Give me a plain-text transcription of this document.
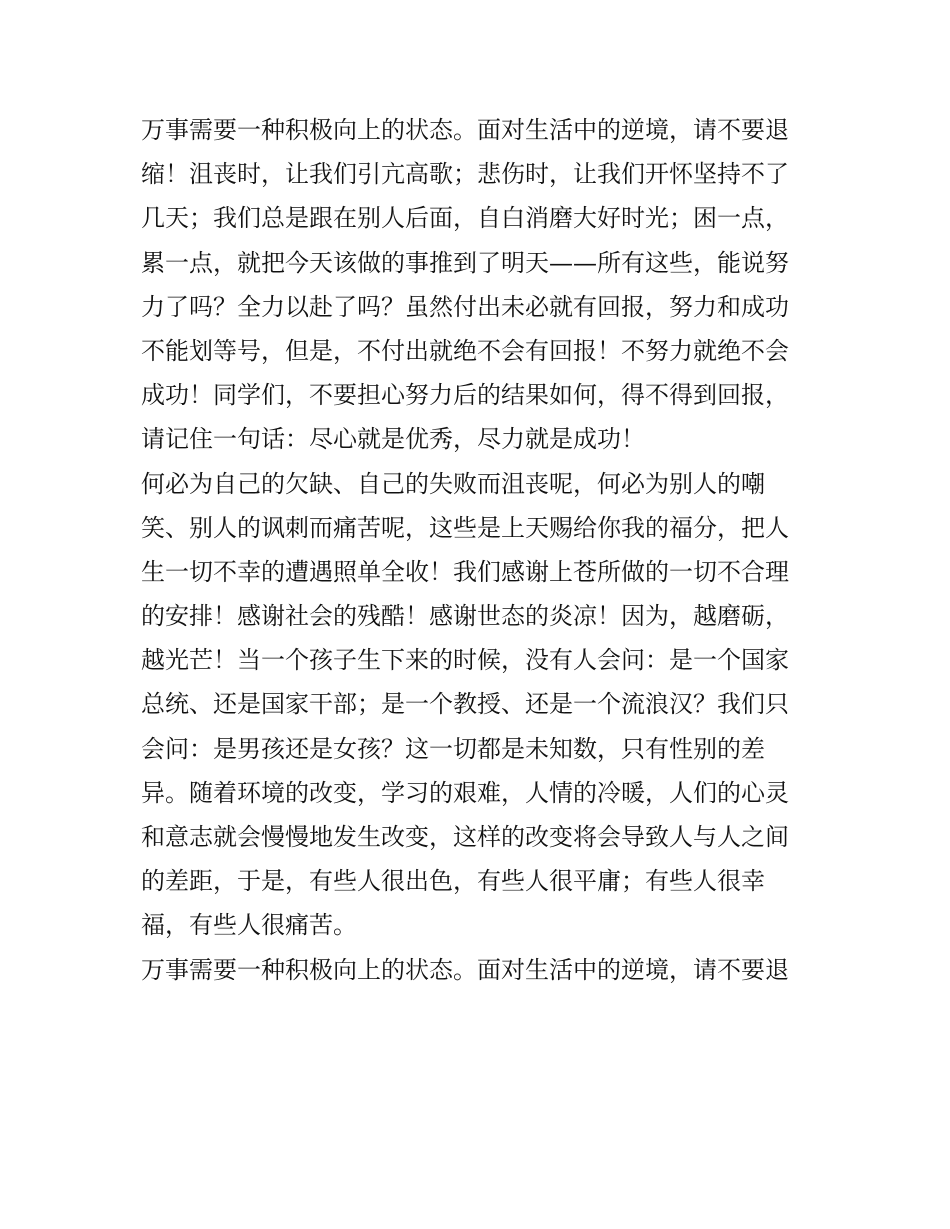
万事需要一种积极向上的状态。面对生活中的逆境，请不要退
缩！沮丧时，让我们引亢高歌；悲伤时，让我们开怀坚持不了
几天；我们总是跟在别人后面，自白消磨大好时光；困一点，
累一点，就把今天该做的事推到了明天——所有这些，能说努
力了吗？全力以赴了吗？虽然付出未必就有回报，努力和成功
不能划等号，但是，不付出就绝不会有回报！不努力就绝不会
成功！同学们，不要担心努力后的结果如何，得不得到回报，
请记住一句话：尽心就是优秀，尽力就是成功！
何必为自己的欠缺、自己的失败而沮丧呢，何必为别人的嘲
笑、别人的讽刺而痛苦呢，这些是上天赐给你我的福分，把人
生一切不幸的遭遇照单全收！我们感谢上苍所做的一切不合理
的安排！感谢社会的残酷！感谢世态的炎凉！因为，越磨砺，
越光芒！当一个孩子生下来的时候，没有人会问：是一个国家
总统、还是国家干部；是一个教授、还是一个流浪汉？我们只
会问：是男孩还是女孩？这一切都是未知数，只有性别的差
异。随着环境的改变，学习的艰难，人情的冷暖，人们的心灵
和意志就会慢慢地发生改变，这样的改变将会导致人与人之间
的差距，于是，有些人很出色，有些人很平庸；有些人很幸
福，有些人很痛苦。
万事需要一种积极向上的状态。面对生活中的逆境，请不要退
